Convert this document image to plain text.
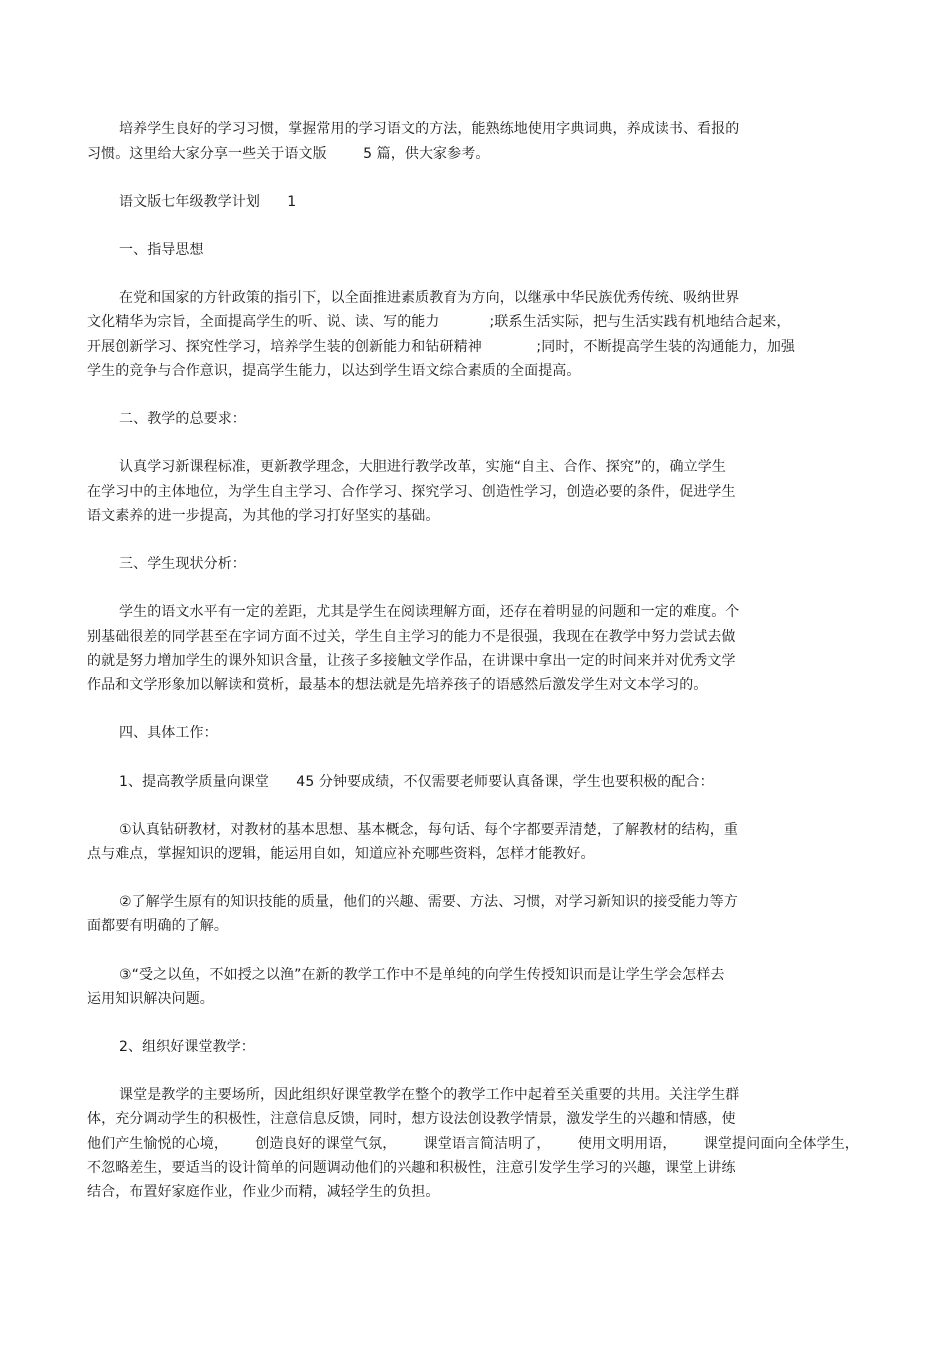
培养学生良好的学习习惯，掌握常用的学习语文的方法，能熟练地使用字典词典，养成读书、看报的
习惯。这里给大家分享一些关于语文版        5 篇，供大家参考。
语文版七年级教学计划      1
一、指导思想
在党和国家的方针政策的指引下，以全面推进素质教育为方向，以继承中华民族优秀传统、吸纳世界
文化精华为宗旨，全面提高学生的听、说、读、写的能力           ;联系生活实际，把与生活实践有机地结合起来，
开展创新学习、探究性学习，培养学生装的创新能力和钻研精神            ;同时，不断提高学生装的沟通能力，加强
学生的竞争与合作意识，提高学生能力，以达到学生语文综合素质的全面提高。
二、教学的总要求：
认真学习新课程标准，更新教学理念，大胆进行教学改革，实施“自主、合作、探究”的，确立学生
在学习中的主体地位，为学生自主学习、合作学习、探究学习、创造性学习，创造必要的条件，促进学生
语文素养的进一步提高，为其他的学习打好坚实的基础。
三、学生现状分析：
学生的语文水平有一定的差距，尤其是学生在阅读理解方面，还存在着明显的问题和一定的难度。个
别基础很差的同学甚至在字词方面不过关，学生自主学习的能力不是很强，我现在在教学中努力尝试去做
的就是努力增加学生的课外知识含量，让孩子多接触文学作品，在讲课中拿出一定的时间来并对优秀文学
作品和文学形象加以解读和赏析，最基本的想法就是先培养孩子的语感然后激发学生对文本学习的。
四、具体工作：
1、提高教学质量向课堂      45 分钟要成绩，不仅需要老师要认真备课，学生也要积极的配合：
①认真钻研教材，对教材的基本思想、基本概念，每句话、每个字都要弄清楚，了解教材的结构，重
点与难点，掌握知识的逻辑，能运用自如，知道应补充哪些资料，怎样才能教好。
②了解学生原有的知识技能的质量，他们的兴趣、需要、方法、习惯，对学习新知识的接受能力等方
面都要有明确的了解。
③“受之以鱼，不如授之以渔”在新的教学工作中不是单纯的向学生传授知识而是让学生学会怎样去
运用知识解决问题。
2、组织好课堂教学：
课堂是教学的主要场所，因此组织好课堂教学在整个的教学工作中起着至关重要的共用。关注学生群
体，充分调动学生的积极性，注意信息反馈，同时，想方设法创设教学情景，激发学生的兴趣和情感，使
他们产生愉悦的心境，      创造良好的课堂气氛，      课堂语言简洁明了，      使用文明用语，      课堂提问面向全体学生，
不忽略差生，要适当的设计简单的问题调动他们的兴趣和积极性，注意引发学生学习的兴趣，课堂上讲练
结合，布置好家庭作业，作业少而精，减轻学生的负担。
